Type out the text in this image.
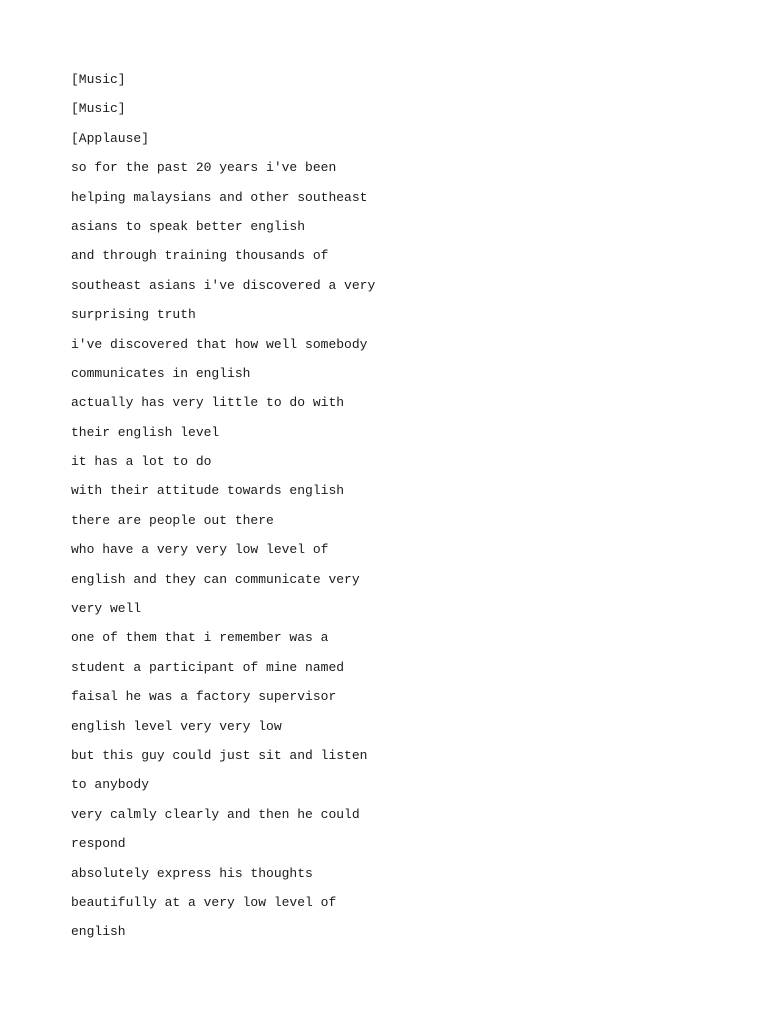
[Music]
[Music]
[Applause]
so for the past 20 years i've been
helping malaysians and other southeast
asians to speak better english
and through training thousands of
southeast asians i've discovered a very
surprising truth
i've discovered that how well somebody
communicates in english
actually has very little to do with
their english level
it has a lot to do
with their attitude towards english
there are people out there
who have a very very low level of
english and they can communicate very
very well
one of them that i remember was a
student a participant of mine named
faisal he was a factory supervisor
english level very very low
but this guy could just sit and listen
to anybody
very calmly clearly and then he could
respond
absolutely express his thoughts
beautifully at a very low level of
english
